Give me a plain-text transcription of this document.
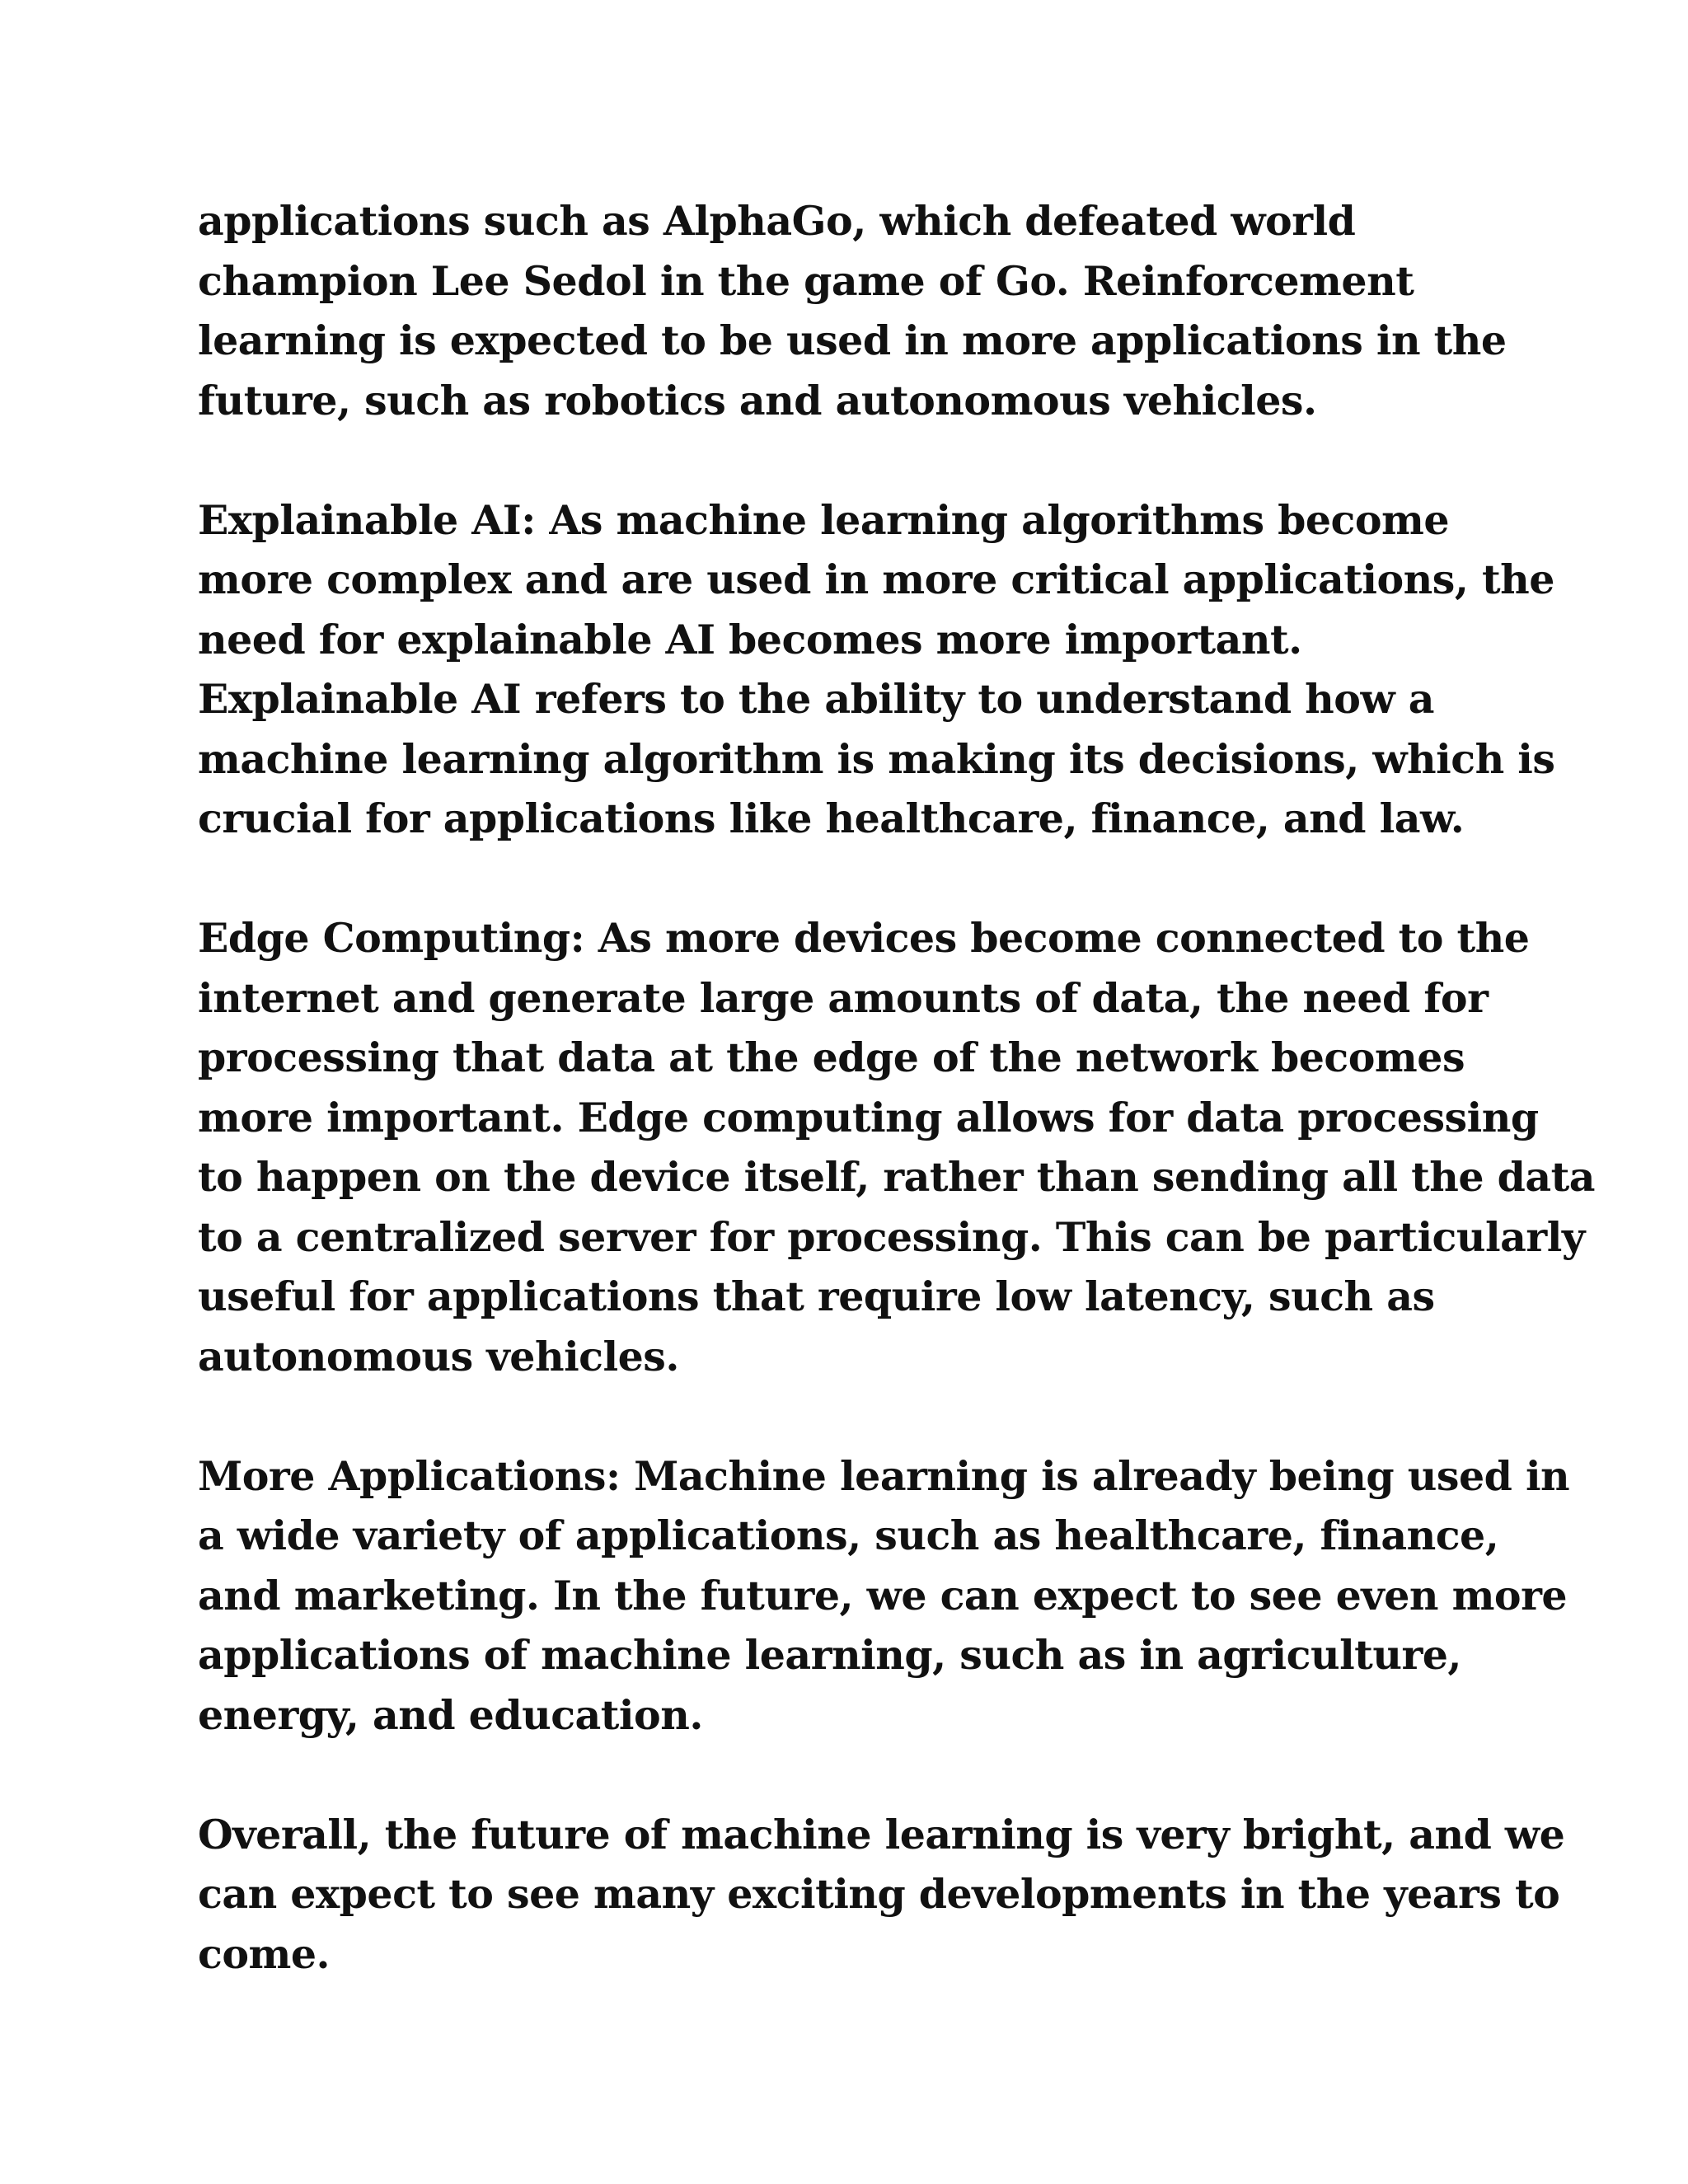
applications such as AlphaGo, which defeated world
champion Lee Sedol in the game of Go. Reinforcement
learning is expected to be used in more applications in the
future, such as robotics and autonomous vehicles.
Explainable AI: As machine learning algorithms become
more complex and are used in more critical applications, the
need for explainable AI becomes more important.
Explainable AI refers to the ability to understand how a
machine learning algorithm is making its decisions, which is
crucial for applications like healthcare, finance, and law.
Edge Computing: As more devices become connected to the
internet and generate large amounts of data, the need for
processing that data at the edge of the network becomes
more important. Edge computing allows for data processing
to happen on the device itself, rather than sending all the data
to a centralized server for processing. This can be particularly
useful for applications that require low latency, such as
autonomous vehicles.
More Applications: Machine learning is already being used in
a wide variety of applications, such as healthcare, finance,
and marketing. In the future, we can expect to see even more
applications of machine learning, such as in agriculture,
energy, and education.
Overall, the future of machine learning is very bright, and we
can expect to see many exciting developments in the years to
come.
